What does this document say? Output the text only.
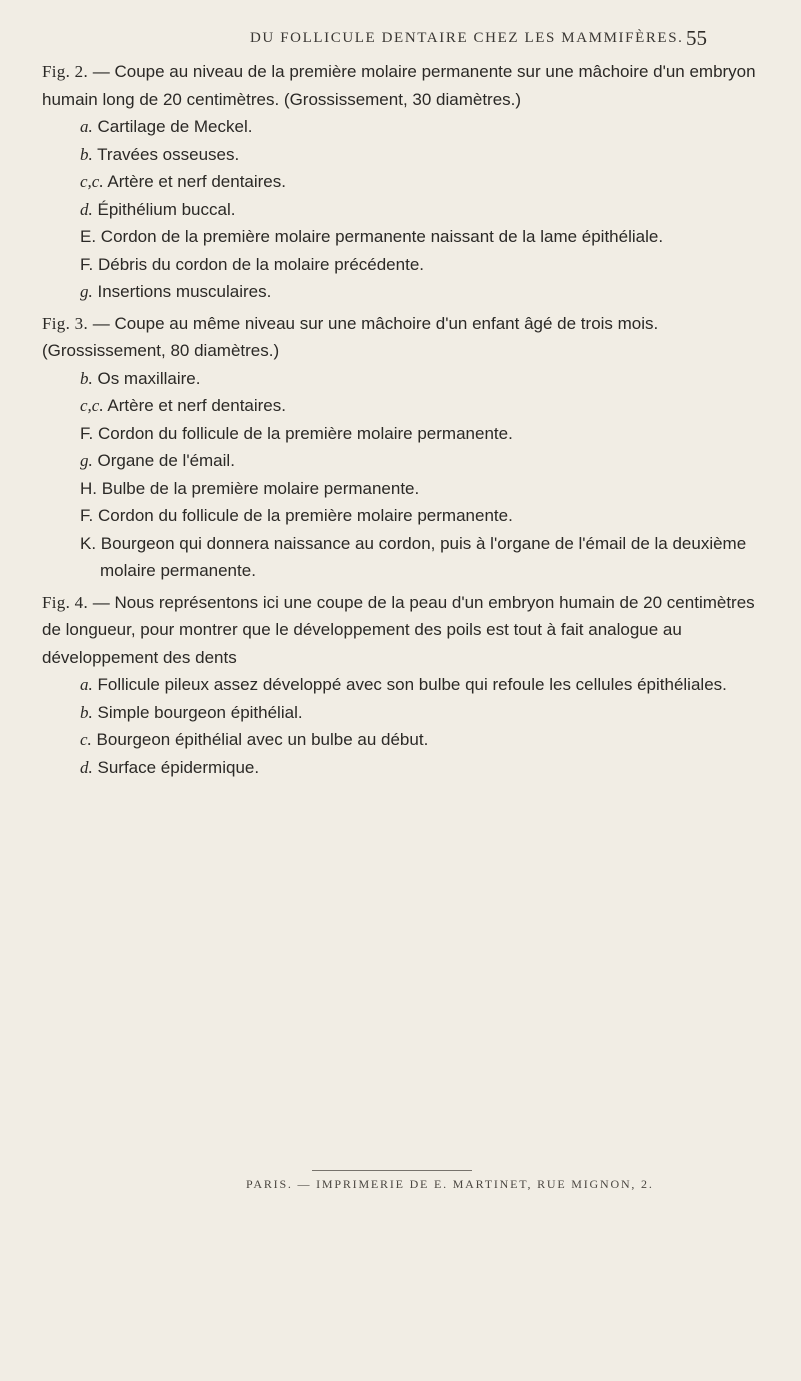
DU FOLLICULE DENTAIRE CHEZ LES MAMMIFÈRES. 55

Fig. 2. — Coupe au niveau de la première molaire permanente sur une mâchoire d'un embryon humain long de 20 centimètres. (Grossissement, 30 diamètres.)

a. Cartilage de Meckel.
b. Travées osseuses.
c,c. Artère et nerf dentaires.
d. Épithélium buccal.
E. Cordon de la première molaire permanente naissant de la lame épithéliale.
F. Débris du cordon de la molaire précédente.
g. Insertions musculaires.

Fig. 3. — Coupe au même niveau sur une mâchoire d'un enfant âgé de trois mois. (Grossissement, 80 diamètres.)

b. Os maxillaire.
c,c. Artère et nerf dentaires.
F. Cordon du follicule de la première molaire permanente.
g. Organe de l'émail.
H. Bulbe de la première molaire permanente.
F. Cordon du follicule de la première molaire permanente.
K. Bourgeon qui donnera naissance au cordon, puis à l'organe de l'émail de la deuxième molaire permanente.

Fig. 4. — Nous représentons ici une coupe de la peau d'un embryon humain de 20 centimètres de longueur, pour montrer que le développement des poils est tout à fait analogue au développement des dents

a. Follicule pileux assez développé avec son bulbe qui refoule les cellules épithéliales.
b. Simple bourgeon épithélial.
c. Bourgeon épithélial avec un bulbe au début.
d. Surface épidermique.
PARIS. — IMPRIMERIE DE E. MARTINET, RUE MIGNON, 2.
